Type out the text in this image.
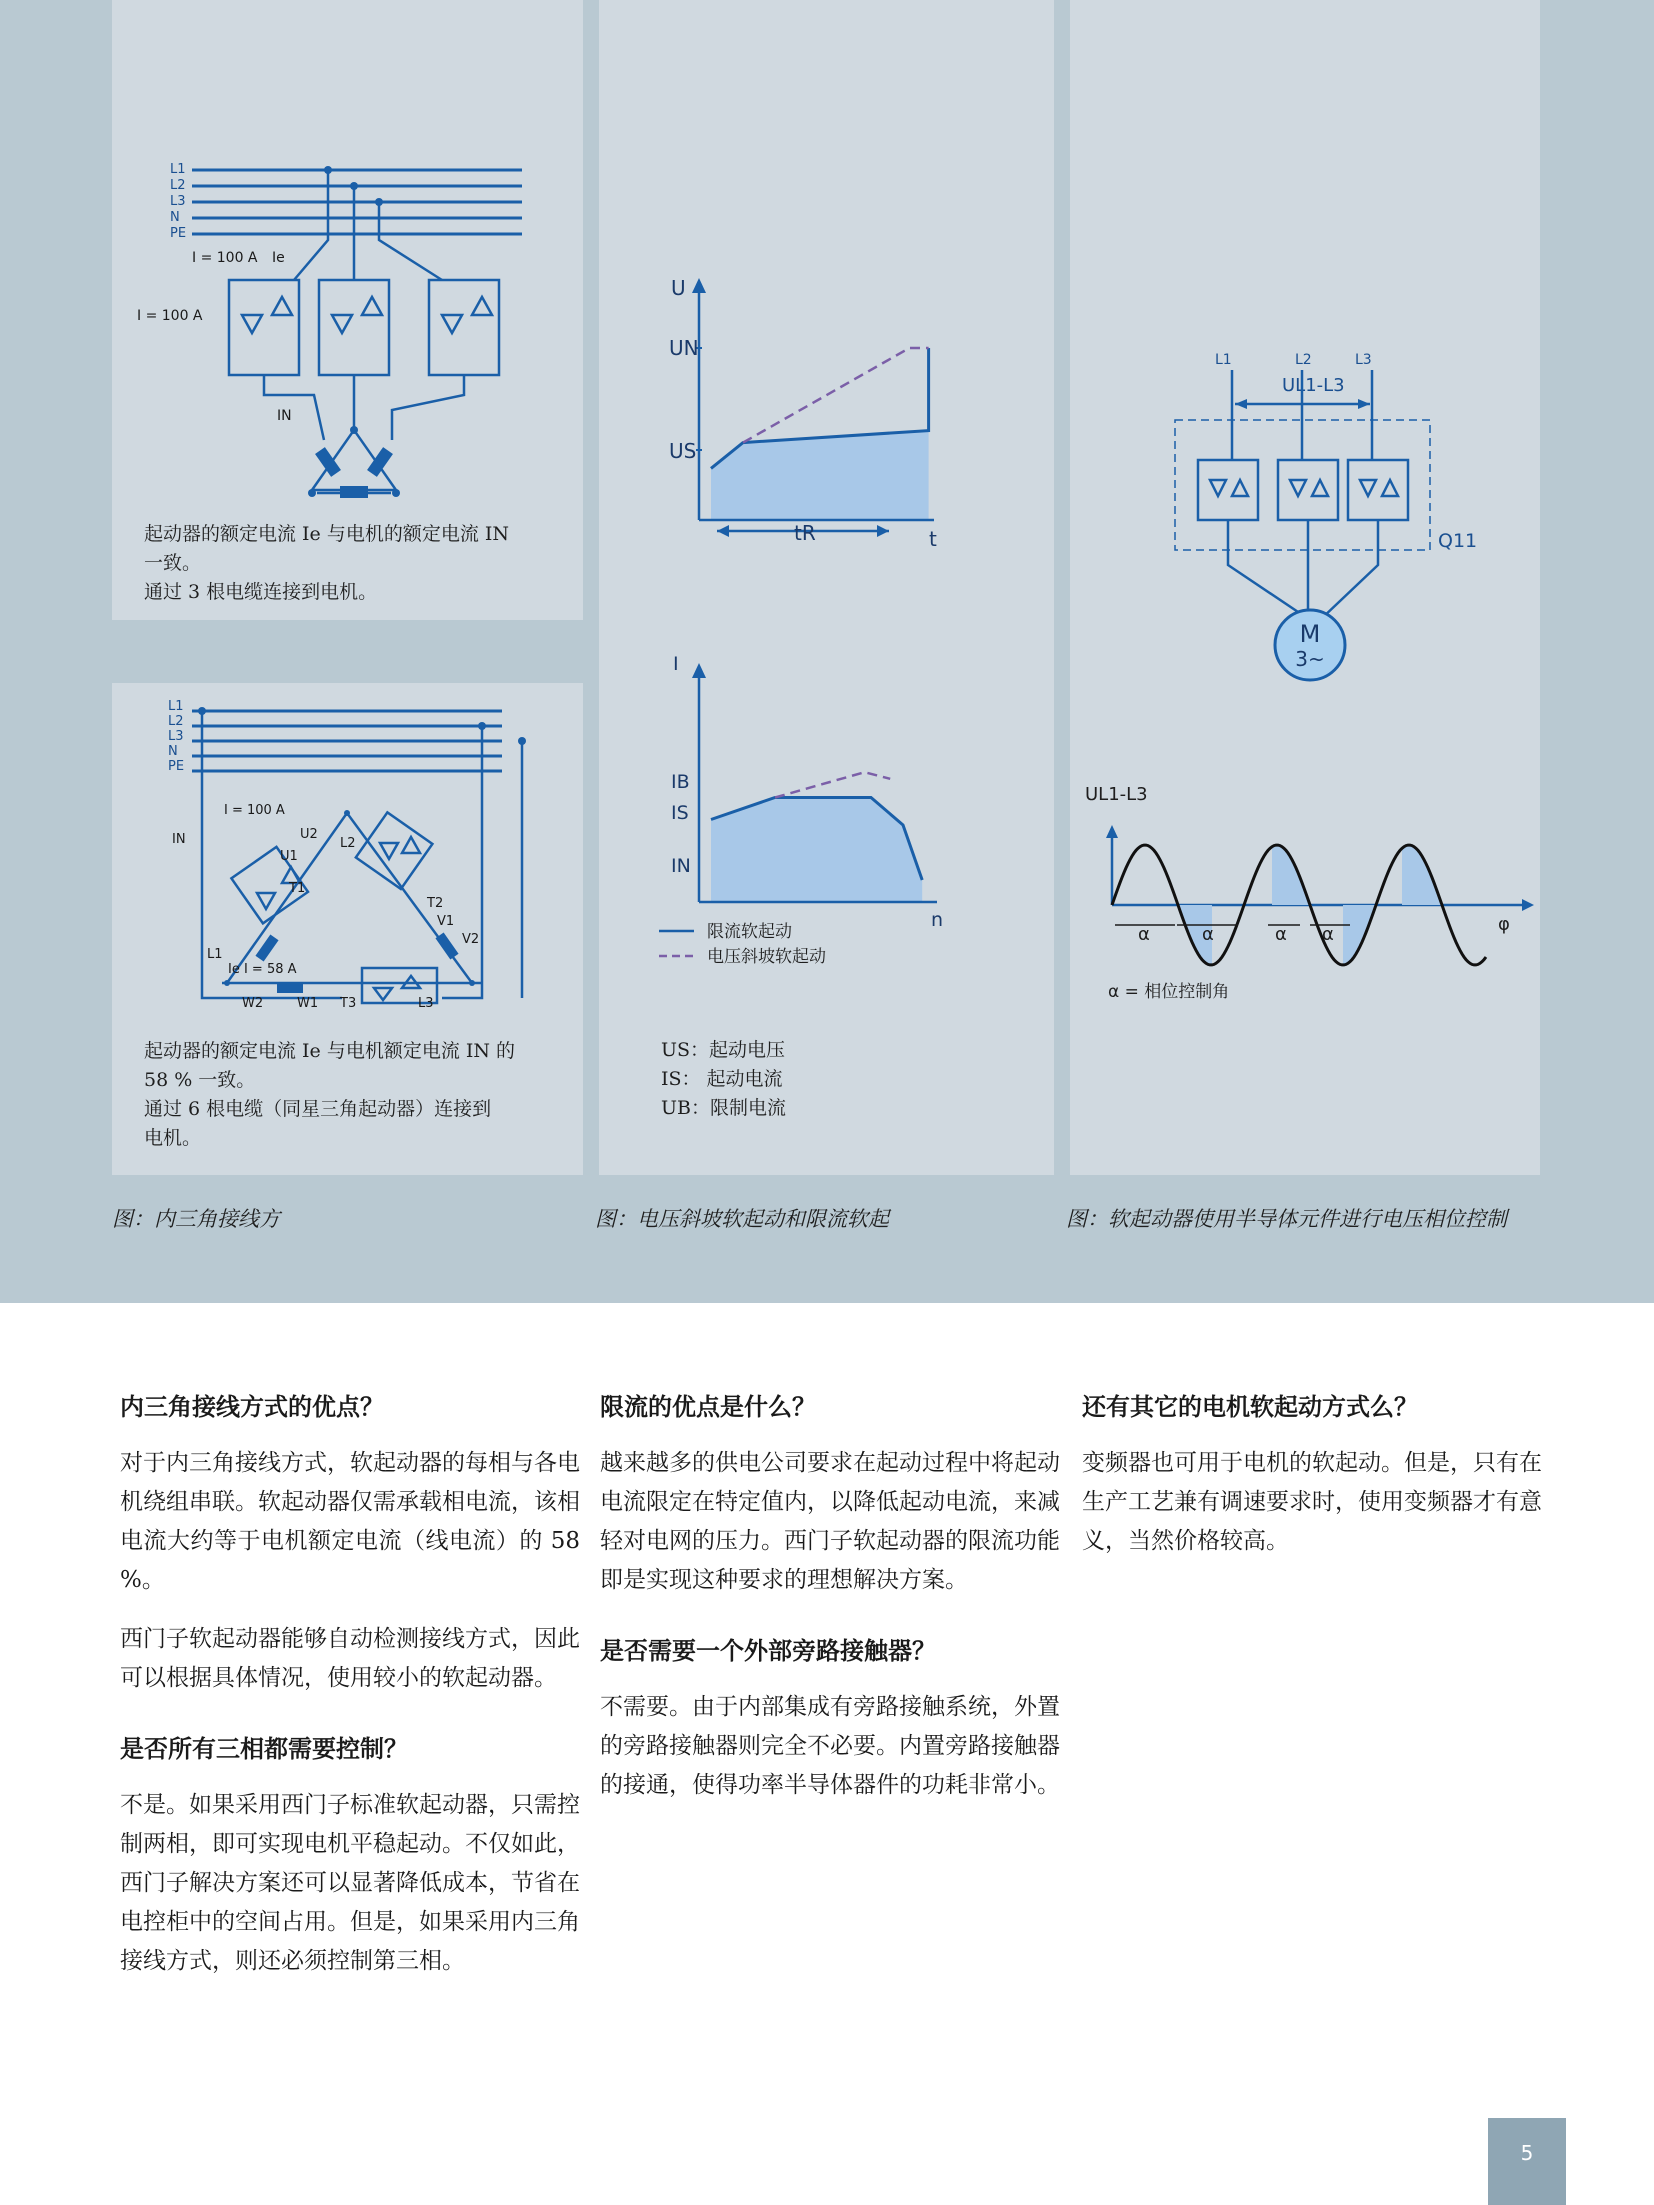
L1
L2
L3
N
PE
I = 100 A Ie
I = 100 A
IN
起动器的额定电流 Ie 与电机的额定电流 IN
一致。
通过 3 根电缆连接到电机。
L1
L2
L3
N
PE
I = 100 A
IN
Ie I = 58 A
U2
U1
T1
L2
T2
V1
V2
L1
W2	W1 T3	L3
起动器的额定电流 Ie 与电机额定电流 IN 的
58 % 一致。
通过 6 根电缆（同星三角起动器）连接到
电机。
U
UN
US
t
tR
I
IB
IS
IN
n
限流软起动
电压斜坡软起动
US：起动电压
IS： 起动电流
UB：限制电流
L1	L2	L3
UL1-L3
Q11
M
3~
UL1-L3
φ
α	α	α α
α = 相位控制角
图：内三角接线方	图：电压斜坡软起动和限流软起	图：软起动器使用半导体元件进行电压相位控制
内三角接线方式的优点？

对于内三角接线方式，软起动器的每相与各电机绕组串联。软起动器仅需承载相电流，该相电流大约等于电机额定电流（线电流）的 58 %。

西门子软起动器能够自动检测接线方式，因此可以根据具体情况，使用较小的软起动器。

是否所有三相都需要控制？

不是。如果采用西门子标准软起动器，只需控制两相，即可实现电机平稳起动。不仅如此，西门子解决方案还可以显著降低成本，节省在电控柜中的空间占用。但是，如果采用内三角接线方式，则还必须控制第三相。

限流的优点是什么？

越来越多的供电公司要求在起动过程中将起动电流限定在特定值内，以降低起动电流，来减轻对电网的压力。西门子软起动器的限流功能即是实现这种要求的理想解决方案。

是否需要一个外部旁路接触器？

不需要。由于内部集成有旁路接触系统，外置的旁路接触器则完全不必要。内置旁路接触器的接通，使得功率半导体器件的功耗非常小。

还有其它的电机软起动方式么？

变频器也可用于电机的软起动。但是，只有在生产工艺兼有调速要求时，使用变频器才有意义，当然价格较高。

5
